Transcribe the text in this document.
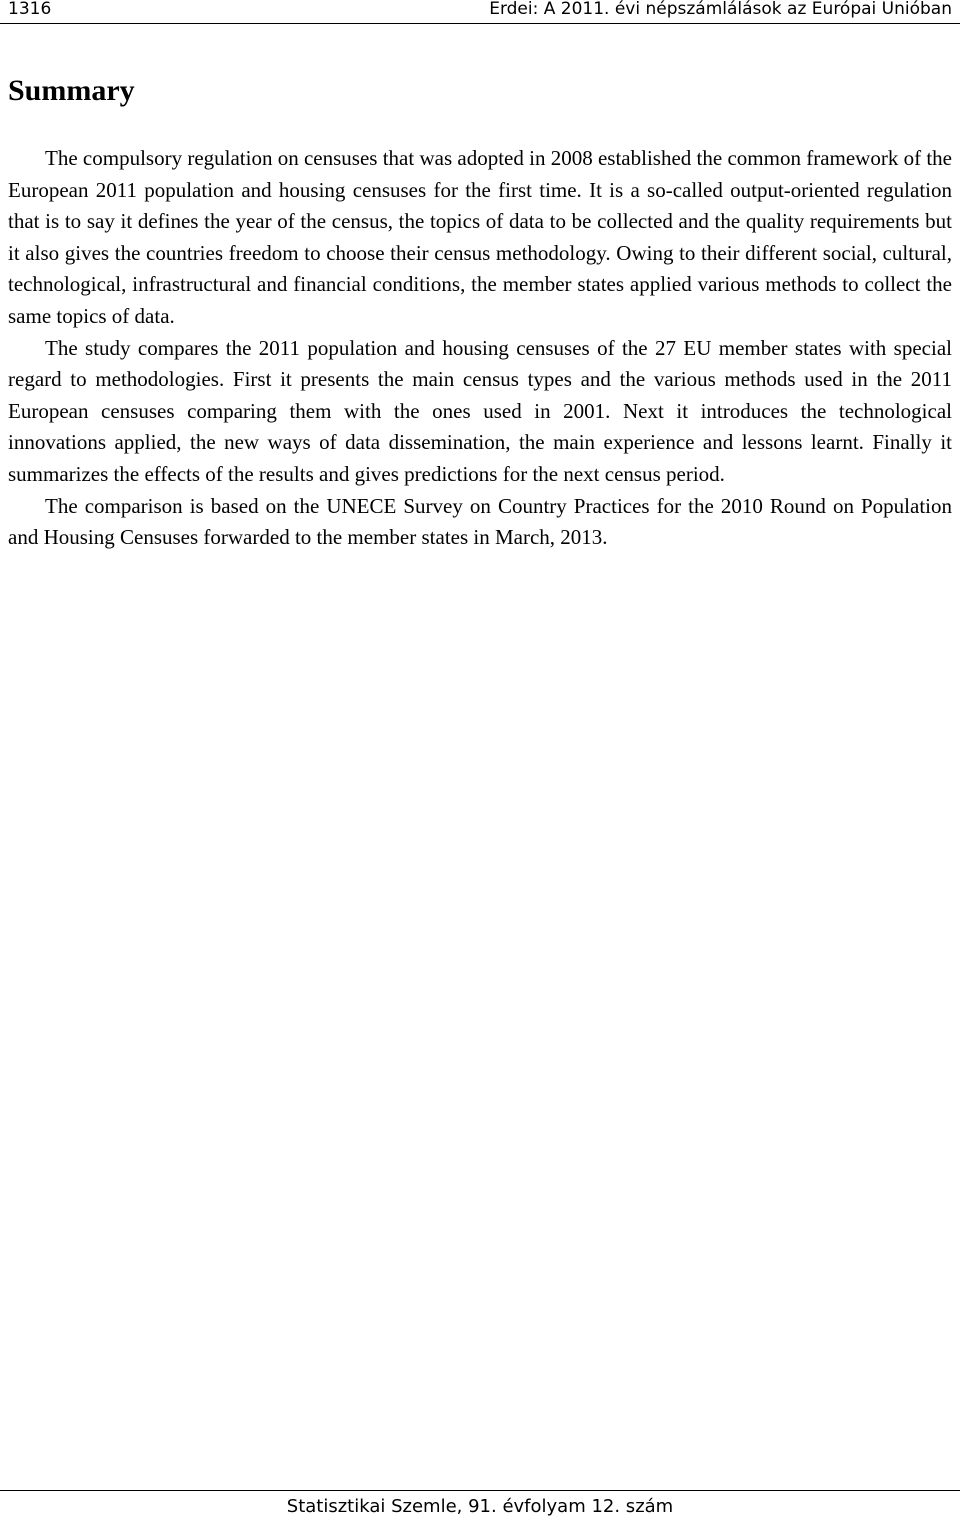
1316	Erdei: A 2011. évi népszámlálások az Európai Unióban
Summary

The compulsory regulation on censuses that was adopted in 2008 established the common framework of the European 2011 population and housing censuses for the first time. It is a so-called output-oriented regulation that is to say it defines the year of the census, the topics of data to be collected and the quality requirements but it also gives the countries freedom to choose their census methodology. Owing to their different social, cultural, technological, infrastructural and financial conditions, the member states applied various methods to collect the same topics of data.

The study compares the 2011 population and housing censuses of the 27 EU member states with special regard to methodologies. First it presents the main census types and the various methods used in the 2011 European censuses comparing them with the ones used in 2001. Next it introduces the technological innovations applied, the new ways of data dissemination, the main experience and lessons learnt. Finally it summarizes the effects of the results and gives predictions for the next census period.

The comparison is based on the UNECE Survey on Country Practices for the 2010 Round on Population and Housing Censuses forwarded to the member states in March, 2013.

Statisztikai Szemle, 91. évfolyam 12. szám
